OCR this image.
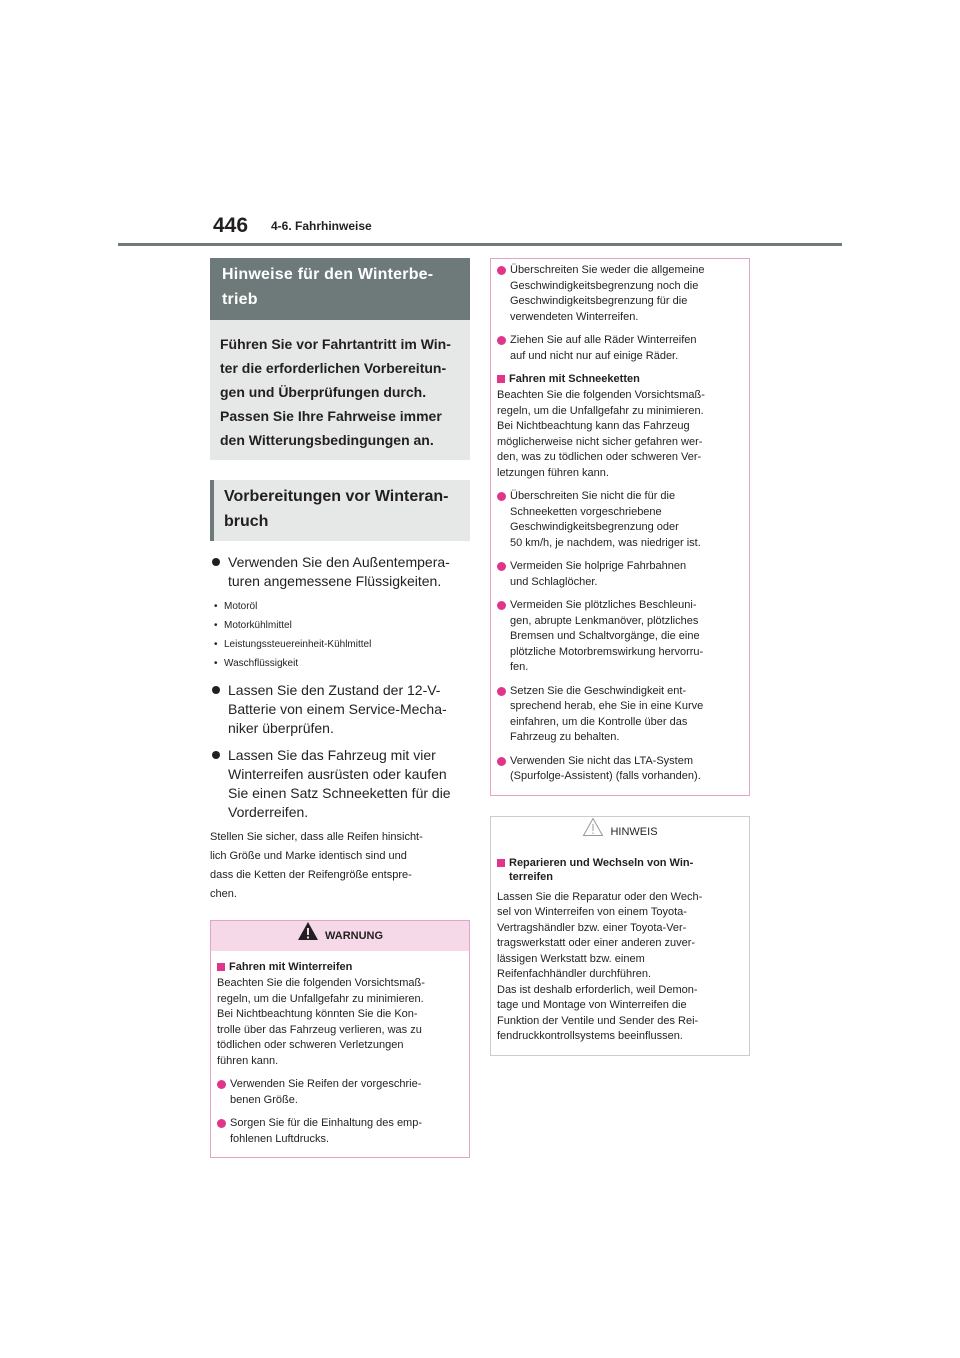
446 4-6. Fahrhinweise
Hinweise für den Winterbe-
trieb
Führen Sie vor Fahrtantritt im Win-
ter die erforderlichen Vorbereitun-
gen und Überprüfungen durch.
Passen Sie Ihre Fahrweise immer
den Witterungsbedingungen an.
Vorbereitungen vor Winteran-
bruch
Verwenden Sie den Außentempera-
turen angemessene Flüssigkeiten.
• Motoröl
• Motorkühlmittel
• Leistungssteuereinheit-Kühlmittel
• Waschflüssigkeit
Lassen Sie den Zustand der 12-V-
Batterie von einem Service-Mecha-
niker überprüfen.
Lassen Sie das Fahrzeug mit vier
Winterreifen ausrüsten oder kaufen
Sie einen Satz Schneeketten für die
Vorderreifen.
Stellen Sie sicher, dass alle Reifen hinsicht-
lich Größe und Marke identisch sind und
dass die Ketten der Reifengröße entspre-
chen.
WARNUNG
Fahren mit Winterreifen
Beachten Sie die folgenden Vorsichtsmaß-
regeln, um die Unfallgefahr zu minimieren.
Bei Nichtbeachtung könnten Sie die Kon-
trolle über das Fahrzeug verlieren, was zu
tödlichen oder schweren Verletzungen
führen kann.
Verwenden Sie Reifen der vorgeschrie-
benen Größe.
Sorgen Sie für die Einhaltung des emp-
fohlenen Luftdrucks.
Überschreiten Sie weder die allgemeine
Geschwindigkeitsbegrenzung noch die
Geschwindigkeitsbegrenzung für die
verwendeten Winterreifen.
Ziehen Sie auf alle Räder Winterreifen
auf und nicht nur auf einige Räder.
Fahren mit Schneeketten
Beachten Sie die folgenden Vorsichtsmaß-
regeln, um die Unfallgefahr zu minimieren.
Bei Nichtbeachtung kann das Fahrzeug
möglicherweise nicht sicher gefahren wer-
den, was zu tödlichen oder schweren Ver-
letzungen führen kann.
Überschreiten Sie nicht die für die
Schneeketten vorgeschriebene
Geschwindigkeitsbegrenzung oder
50 km/h, je nachdem, was niedriger ist.
Vermeiden Sie holprige Fahrbahnen
und Schlaglöcher.
Vermeiden Sie plötzliches Beschleuni-
gen, abrupte Lenkmanöver, plötzliches
Bremsen und Schaltvorgänge, die eine
plötzliche Motorbremswirkung hervorru-
fen.
Setzen Sie die Geschwindigkeit ent-
sprechend herab, ehe Sie in eine Kurve
einfahren, um die Kontrolle über das
Fahrzeug zu behalten.
Verwenden Sie nicht das LTA-System
(Spurfolge-Assistent) (falls vorhanden).
HINWEIS
Reparieren und Wechseln von Win-
terreifen
Lassen Sie die Reparatur oder den Wech-
sel von Winterreifen von einem Toyota-
Vertragshändler bzw. einer Toyota-Ver-
tragswerkstatt oder einer anderen zuver-
lässigen Werkstatt bzw. einem
Reifenfachhändler durchführen.
Das ist deshalb erforderlich, weil Demon-
tage und Montage von Winterreifen die
Funktion der Ventile und Sender des Rei-
fendruckkontrollsystems beeinflussen.
